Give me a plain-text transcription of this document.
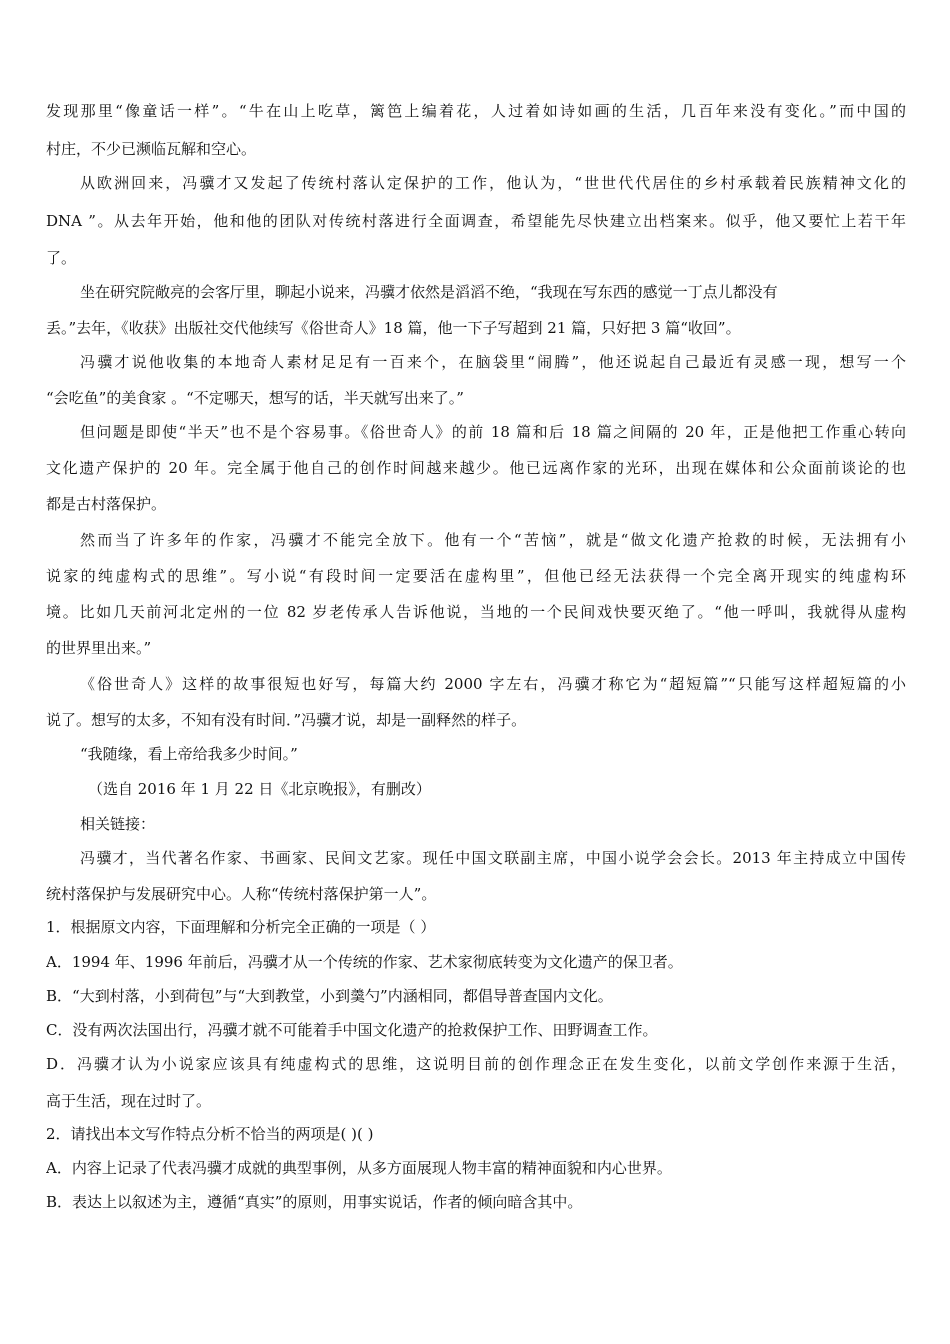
发现那里“像童话一样”。“牛在山上吃草，篱笆上编着花，人过着如诗如画的生活，几百年来没有变化。”而中国的
村庄，不少已濒临瓦解和空心。
从欧洲回来，冯骥才又发起了传统村落认定保护的工作，他认为，“世世代代居住的乡村承载着民族精神文化的
DNA ”。从去年开始，他和他的团队对传统村落进行全面调查，希望能先尽快建立出档案来。似乎，他又要忙上若干年
了。
坐在研究院敞亮的会客厅里，聊起小说来，冯骥才依然是滔滔不绝，“我现在写东西的感觉一丁点儿都没有
丢。”去年，《收获》出版社交代他续写《俗世奇人》18 篇，他一下子写超到 21 篇，只好把 3 篇“收回”。
冯骥才说他收集的本地奇人素材足足有一百来个，在脑袋里“闹腾”，他还说起自己最近有灵感一现，想写一个
“会吃鱼”的美食家 。“不定哪天，想写的话，半天就写出来了。”
但问题是即使“半天”也不是个容易事。《俗世奇人》的前 18 篇和后 18 篇之间隔的 20 年，正是他把工作重心转向
文化遗产保护的 20 年。完全属于他自己的创作时间越来越少。他已远离作家的光环，出现在媒体和公众面前谈论的也
都是古村落保护。
然而当了许多年的作家，冯骥才不能完全放下。他有一个“苦恼”，就是“做文化遗产抢救的时候，无法拥有小
说家的纯虚构式的思维”。写小说“有段时间一定要活在虚构里”，但他已经无法获得一个完全离开现实的纯虚构环
境。比如几天前河北定州的一位 82 岁老传承人告诉他说，当地的一个民间戏快要灭绝了。“他一呼叫，我就得从虚构
的世界里出来。”
《俗世奇人》这样的故事很短也好写，每篇大约 2000 字左右，冯骥才称它为“超短篇”“只能写这样超短篇的小
说了。想写的太多，不知有没有时间．”冯骥才说，却是一副释然的样子。
“我随缘，看上帝给我多少时间。”
（选自 2016 年 1 月 22 日《北京晚报》，有删改）
相关链接：
冯骥才，当代著名作家、书画家、民间文艺家。现任中国文联副主席，中国小说学会会长。2013 年主持成立中国传
统村落保护与发展研究中心。人称“传统村落保护第一人”。
1．根据原文内容，下面理解和分析完全正确的一项是（ ）
A．1994 年、1996 年前后，冯骥才从一个传统的作家、艺术家彻底转变为文化遗产的保卫者。
B．“大到村落，小到荷包”与“大到教堂，小到羹勺”内涵相同，都倡导普查国内文化。
C．没有两次法国出行，冯骥才就不可能着手中国文化遗产的抢救保护工作、田野调查工作。
D．冯骥才认为小说家应该具有纯虚构式的思维，这说明目前的创作理念正在发生变化，以前文学创作来源于生活，
高于生活，现在过时了。
2．请找出本文写作特点分析不恰当的两项是( )( )
A．内容上记录了代表冯骥才成就的典型事例，从多方面展现人物丰富的精神面貌和内心世界。
B．表达上以叙述为主，遵循“真实”的原则，用事实说话，作者的倾向暗含其中。
